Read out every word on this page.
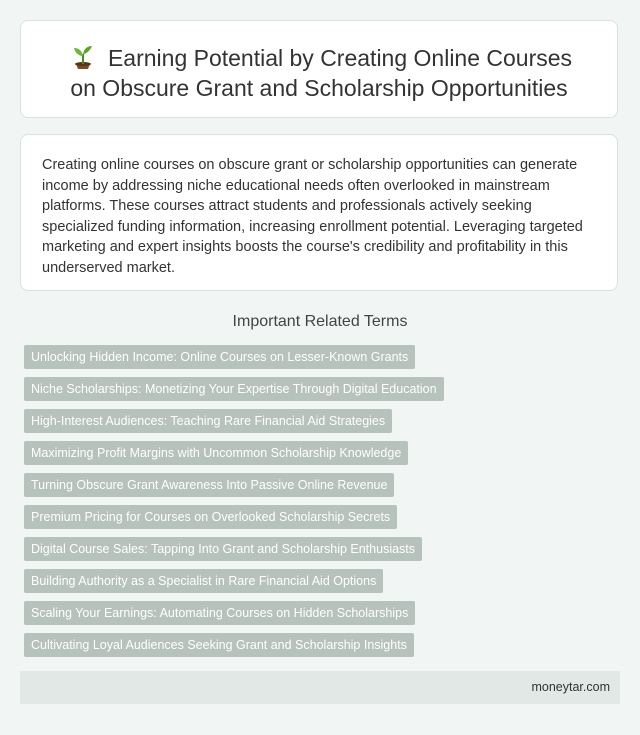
Earning Potential by Creating Online Courses
on Obscure Grant and Scholarship Opportunities
Creating online courses on obscure grant or scholarship opportunities can generate income by addressing niche educational needs often overlooked in mainstream platforms. These courses attract students and professionals actively seeking specialized funding information, increasing enrollment potential. Leveraging targeted marketing and expert insights boosts the course's credibility and profitability in this underserved market.
Important Related Terms
Unlocking Hidden Income: Online Courses on Lesser-Known Grants
Niche Scholarships: Monetizing Your Expertise Through Digital Education
High-Interest Audiences: Teaching Rare Financial Aid Strategies
Maximizing Profit Margins with Uncommon Scholarship Knowledge
Turning Obscure Grant Awareness Into Passive Online Revenue
Premium Pricing for Courses on Overlooked Scholarship Secrets
Digital Course Sales: Tapping Into Grant and Scholarship Enthusiasts
Building Authority as a Specialist in Rare Financial Aid Options
Scaling Your Earnings: Automating Courses on Hidden Scholarships
Cultivating Loyal Audiences Seeking Grant and Scholarship Insights
moneytar.com
